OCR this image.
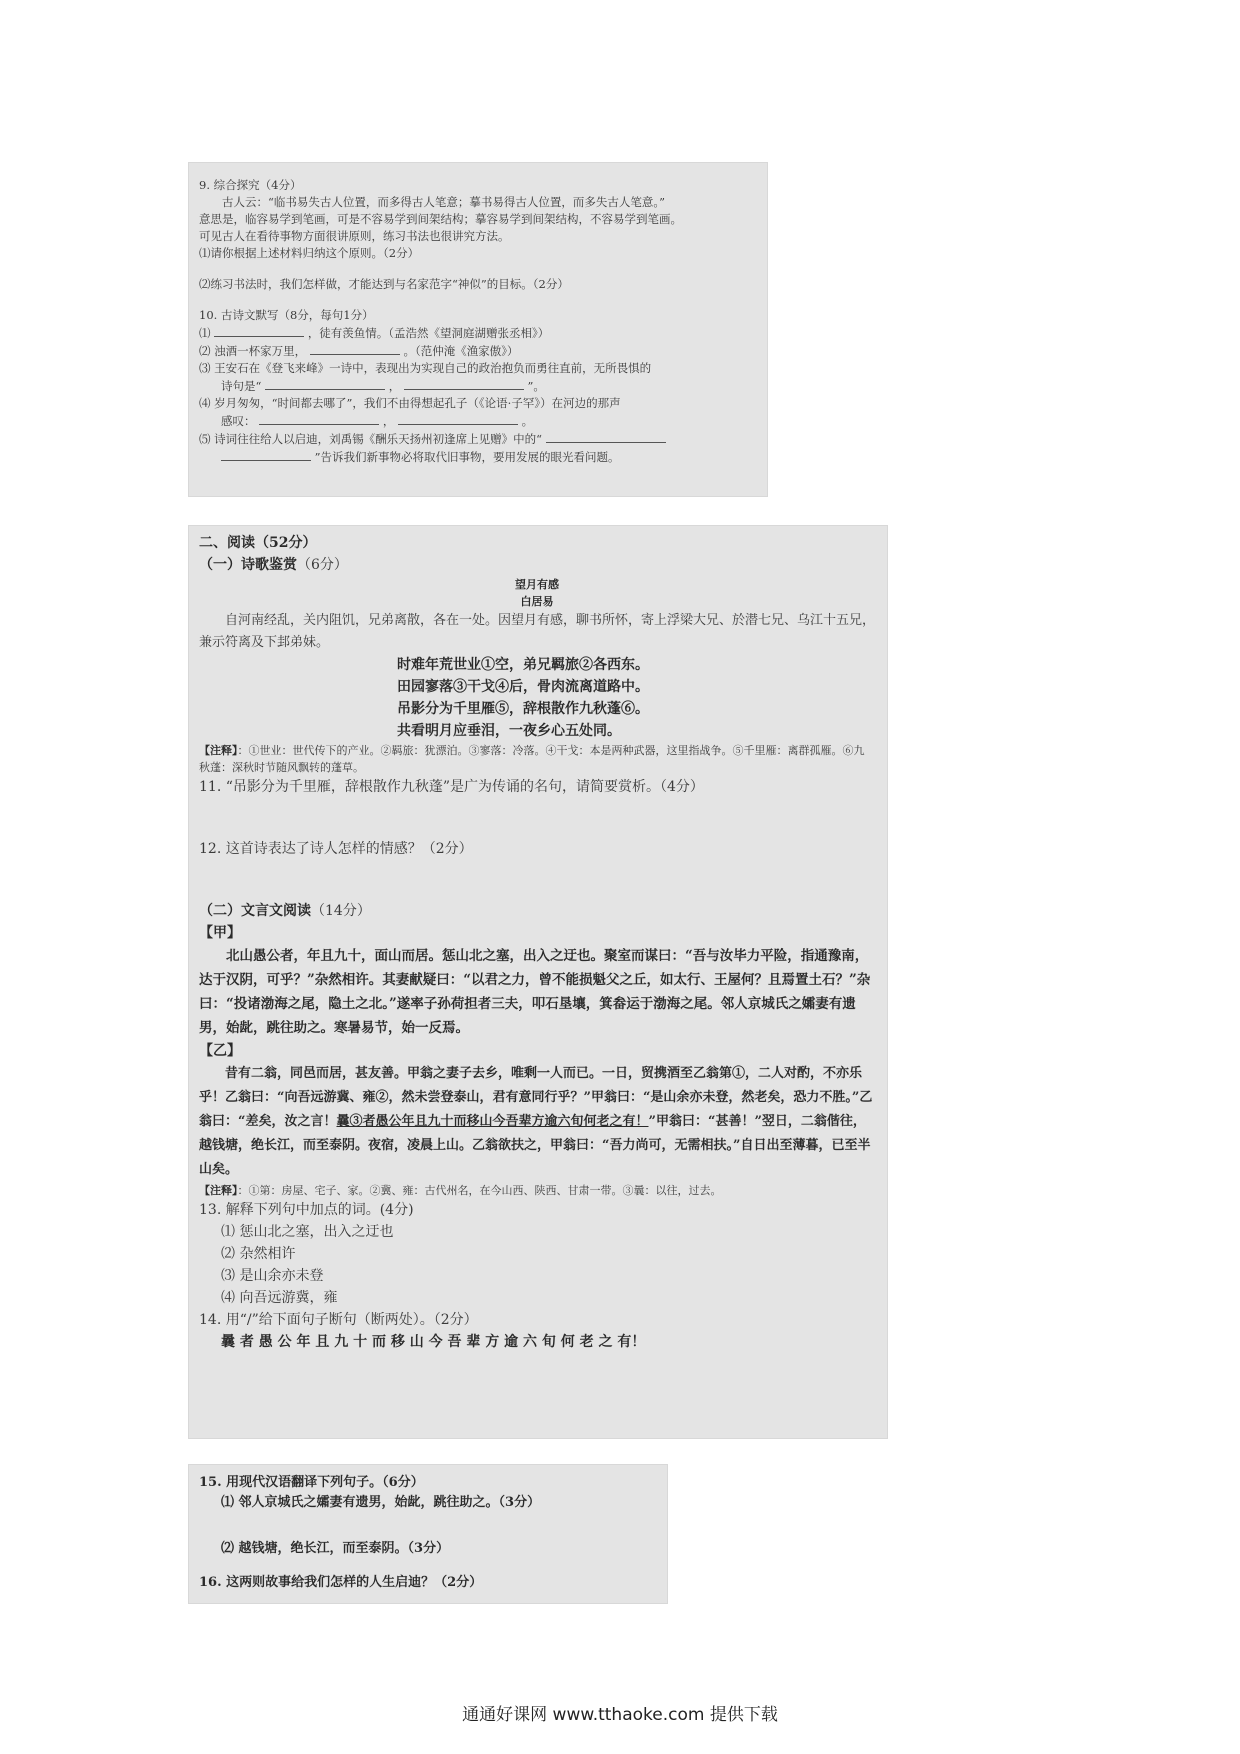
9. 综合探究（4分）

古人云：“临书易失古人位置，而多得古人笔意；摹书易得古人位置，而多失古人笔意。”

意思是，临容易学到笔画，可是不容易学到间架结构；摹容易学到间架结构，不容易学到笔画。

可见古人在看待事物方面很讲原则，练习书法也很讲究方法。

⑴请你根据上述材料归纳这个原则。（2分）

⑵练习书法时，我们怎样做，才能达到与名家范字“神似”的目标。（2分）

10. 古诗文默写（8分，每句1分）

⑴	，徒有羡鱼情。（孟浩然《望洞庭湖赠张丞相》）

⑵ 浊酒一杯家万里，	。（范仲淹《渔家傲》）

⑶ 王安石在《登飞来峰》一诗中，表现出为实现自己的政治抱负而勇往直前，无所畏惧的

诗句是“	，	”。

⑷ 岁月匆匆，“时间都去哪了”，我们不由得想起孔子（《论语·子罕》）在河边的那声

感叹：	，	。

⑸ 诗词往往给人以启迪，刘禹锡《酬乐天扬州初逢席上见赠》中的“

”告诉我们新事物必将取代旧事物，要用发展的眼光看问题。

二、阅读（52分）

（一）诗歌鉴赏（6分）

望月有感

白居易

自河南经乱，关内阻饥，兄弟离散，各在一处。因望月有感，聊书所怀，寄上浮梁大兄、於潜七兄、乌江十五兄，兼示符离及下邽弟妹。

时难年荒世业①空，弟兄羁旅②各西东。

田园寥落③干戈④后，骨肉流离道路中。

吊影分为千里雁⑤，辞根散作九秋蓬⑥。

共看明月应垂泪，一夜乡心五处同。

【注释】：①世业：世代传下的产业。②羁旅：犹漂泊。③寥落：冷落。④干戈：本是两种武器，这里指战争。⑤千里雁：离群孤雁。⑥九秋蓬：深秋时节随风飘转的蓬草。

11. “吊影分为千里雁，辞根散作九秋蓬”是广为传诵的名句，请简要赏析。（4分）

12. 这首诗表达了诗人怎样的情感？（2分）

（二）文言文阅读（14分）

【甲】

北山愚公者，年且九十，面山而居。惩山北之塞，出入之迂也。聚室而谋曰：“吾与汝毕力平险，指通豫南，达于汉阴，可乎？”杂然相许。其妻献疑曰：“以君之力，曾不能损魁父之丘，如太行、王屋何？且焉置土石？”杂曰：“投诸渤海之尾，隐土之北。”遂率子孙荷担者三夫，叩石垦壤，箕畚运于渤海之尾。邻人京城氏之孀妻有遗男，始龀，跳往助之。寒暑易节，始一反焉。

【乙】

昔有二翁，同邑而居，甚友善。甲翁之妻子去乡，唯剩一人而已。一日，贸携酒至乙翁第①，二人对酌，不亦乐乎！乙翁曰：“向吾远游冀、雍②，然未尝登泰山，君有意同行乎？”甲翁曰：“是山余亦未登，然老矣，恐力不胜。”乙翁曰：“差矣，汝之言！曩③者愚公年且九十而移山今吾辈方逾六旬何老之有！”甲翁曰：“甚善！”翌日，二翁偕往，越钱塘，绝长江，而至泰阴。夜宿，凌晨上山。乙翁欲扶之，甲翁曰：“吾力尚可，无需相扶。”自日出至薄暮，已至半山矣。

【注释】：①第：房屋、宅子、家。②冀、雍：古代州名，在今山西、陕西、甘肃一带。③曩：以往，过去。

13. 解释下列句中加点的词。(4分)

⑴ 惩山北之塞，出入之迂也

⑵ 杂然相许

⑶ 是山余亦未登

⑷ 向吾远游冀，雍

14. 用“/”给下面句子断句（断两处）。（2分）

曩 者 愚 公 年 且 九 十 而 移 山 今 吾 辈 方 逾 六 旬 何 老 之 有！

15. 用现代汉语翻译下列句子。（6分）

⑴ 邻人京城氏之孀妻有遗男，始龀，跳往助之。（3分）

⑵ 越钱塘，绝长江，而至泰阴。（3分）

16. 这两则故事给我们怎样的人生启迪？（2分）

通通好课网 www.tthaoke.com 提供下载
